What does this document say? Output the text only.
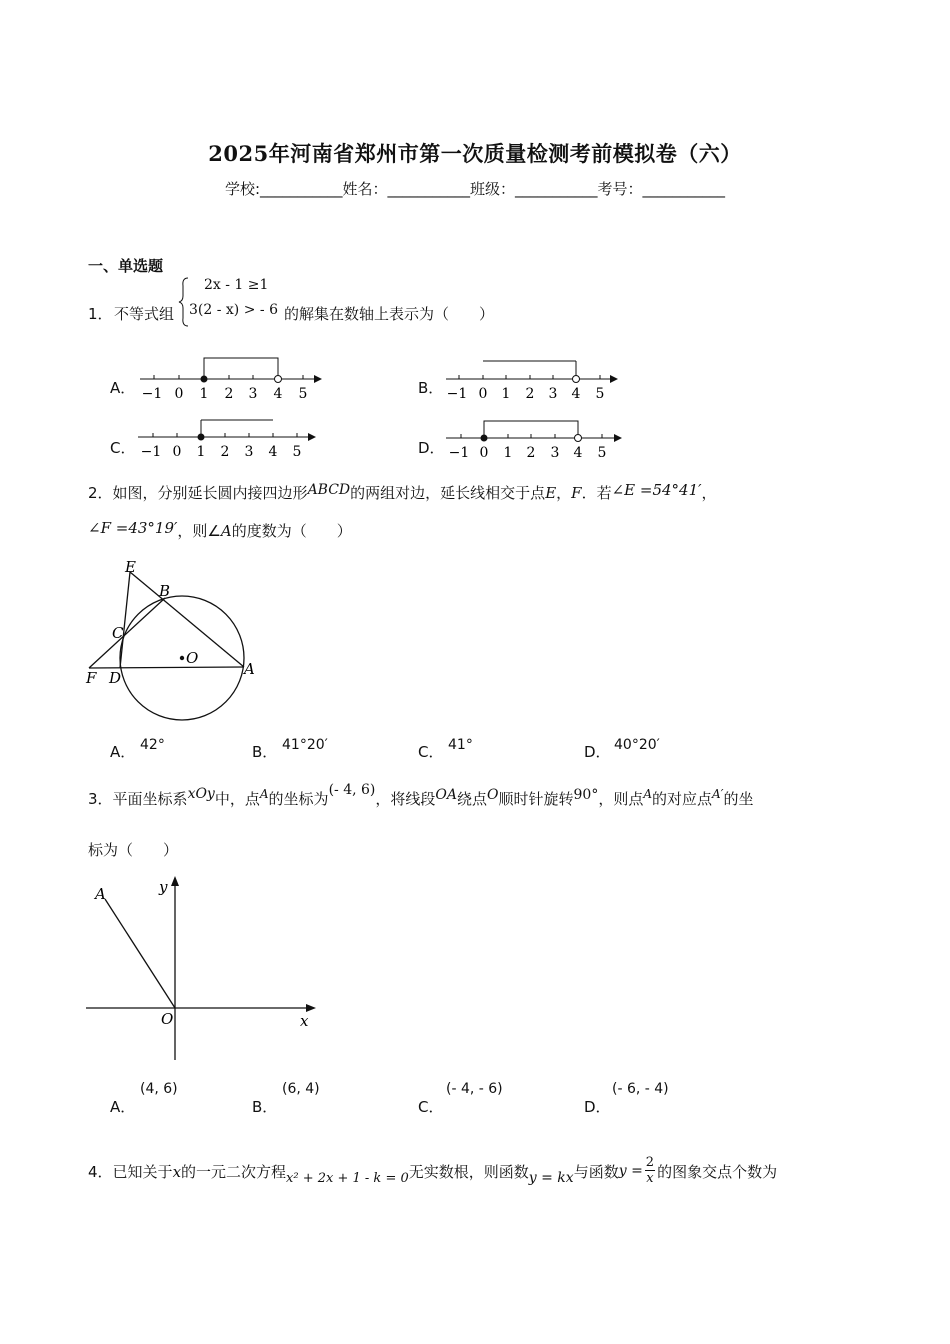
2025年河南省郑州市第一次质量检测考前模拟卷（六）
学校:___________姓名：___________班级：___________考号：___________
一、单选题
1． 不等式组
2x - 1 ≥1
3(2 - x) > - 6 的解集在数轴上表示为（　　）
A． −1 0 1 2 3 4 5	B． −1 0 1 2 3 4 5
C． −1 0 1 2 3 4 5	D． −1 0 1 2 3 4 5
2．如图，分别延长圆内接四边形ABCD的两组对边，延长线相交于点E，F．若∠E =54°41′，
∠F =43°19′，则∠A的度数为（　　）
E
B
C
O
A
F D
A． 42°	B． 41°20′	C． 41°	D． 40°20′
3．平面坐标系xOy中，点$^A$的坐标为(- 4, 6)，将线段OA绕点O顺时针旋转90°，则点$^A$的对应点$^{A'}$的坐
标为（　　）
A	y
O	x
A．
(4, 6)
B．
(6, 4)
C．
(- 4, - 6)
D．
(- 6, - 4)
4．已知关于x的一元二次方程x² + 2x + 1 - k = 0无实数根，则函数y = kx与函数$y = \frac{2}{x}$ 的图象交点个数为
